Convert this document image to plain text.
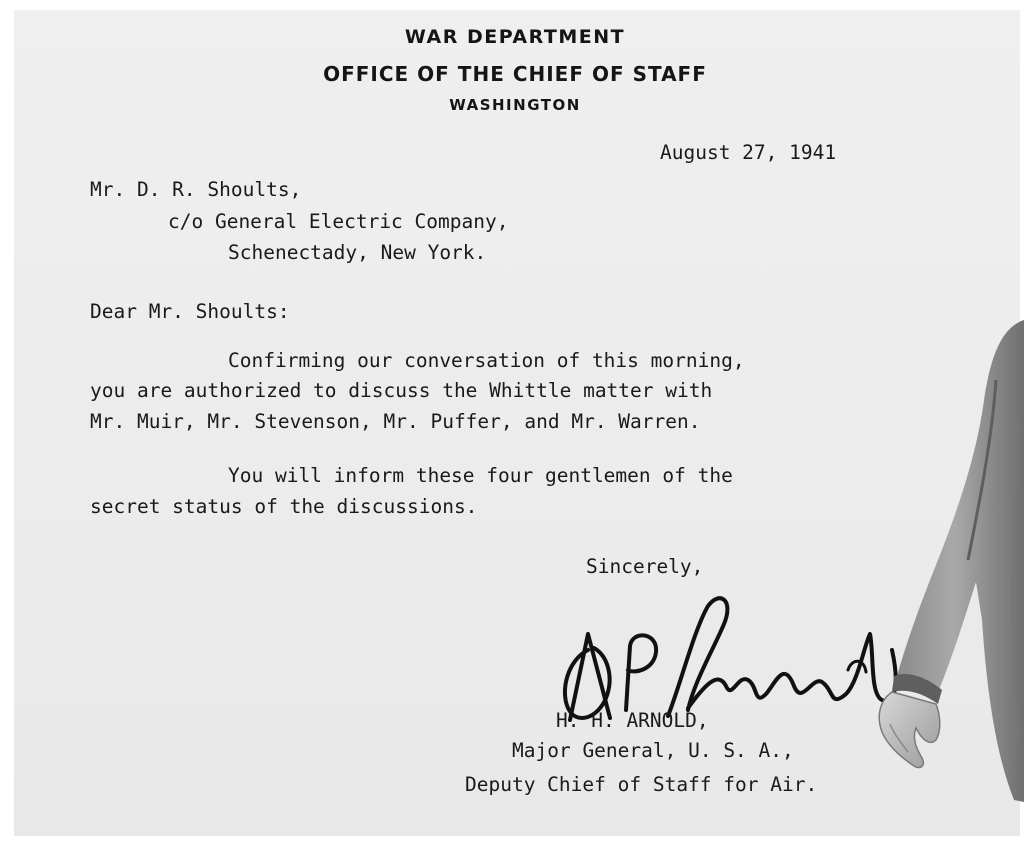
WAR DEPARTMENT
OFFICE OF THE CHIEF OF STAFF
WASHINGTON
August 27, 1941
Mr. D. R. Shoults,
c/o General Electric Company,
Schenectady, New York.
Dear Mr. Shoults:
Confirming our conversation of this morning,
you are authorized to discuss the Whittle matter with
Mr. Muir, Mr. Stevenson, Mr. Puffer, and Mr. Warren.
You will inform these four gentlemen of the
secret status of the discussions.
Sincerely,
H. H. ARNOLD,
Major General, U. S. A.,
Deputy Chief of Staff for Air.
